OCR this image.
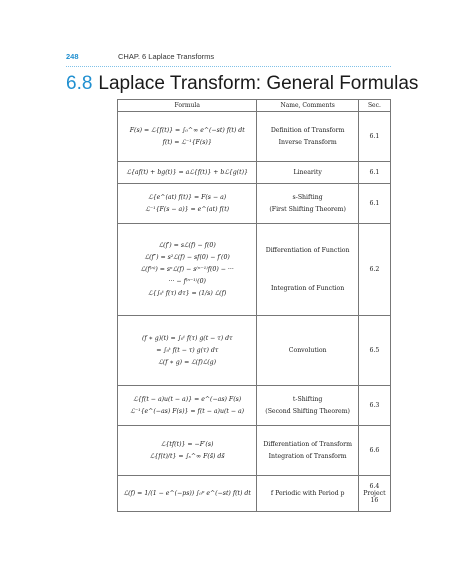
248	CHAP. 6 Laplace Transforms
6.8 Laplace Transform: General Formulas
Formula	Name, Comments	Sec.

F(s) = ℒ{f(t)} = ∫₀^∞ e^(−st) f(t) dt
f(t) = ℒ⁻¹{F(s)}	Definition of Transform
Inverse Transform	6.1

ℒ{af(t) + bg(t)} = aℒ{f(t)} + bℒ{g(t)}	Linearity	6.1

ℒ{e^(at) f(t)} = F(s − a)
ℒ⁻¹{F(s − a)} = e^(at) f(t)	s-Shifting
(First Shifting Theorem)	6.1

ℒ(f′) = sℒ(f) − f(0)
ℒ(f″) = s²ℒ(f) − sf(0) − f′(0)
ℒ(f⁽ⁿ⁾) = sⁿℒ(f) − s⁽ⁿ⁻¹⁾f(0) − ···
··· − f⁽ⁿ⁻¹⁾(0)
ℒ{∫₀ᵗ f(τ) dτ} = (1/s) ℒ(f)	Differentiation of Function
Integration of Function	6.2

(f ∗ g)(t) = ∫₀ᵗ f(τ) g(t − τ) dτ
= ∫₀ᵗ f(t − τ) g(τ) dτ
ℒ(f ∗ g) = ℒ(f)ℒ(g)	Convolution	6.5

ℒ{f(t − a)u(t − a)} = e^(−as) F(s)
ℒ⁻¹{e^(−as) F(s)} = f(t − a)u(t − a)	t-Shifting
(Second Shifting Theorem)	6.3

ℒ{tf(t)} = −F′(s)
ℒ{f(t)/t} = ∫ₛ^∞ F(s̃) ds̃	Differentiation of Transform
Integration of Transform	6.6

ℒ(f) = 1/(1 − e^(−ps)) ∫₀ᵖ e^(−st) f(t) dt	f Periodic with Period p	6.4 Project 16
